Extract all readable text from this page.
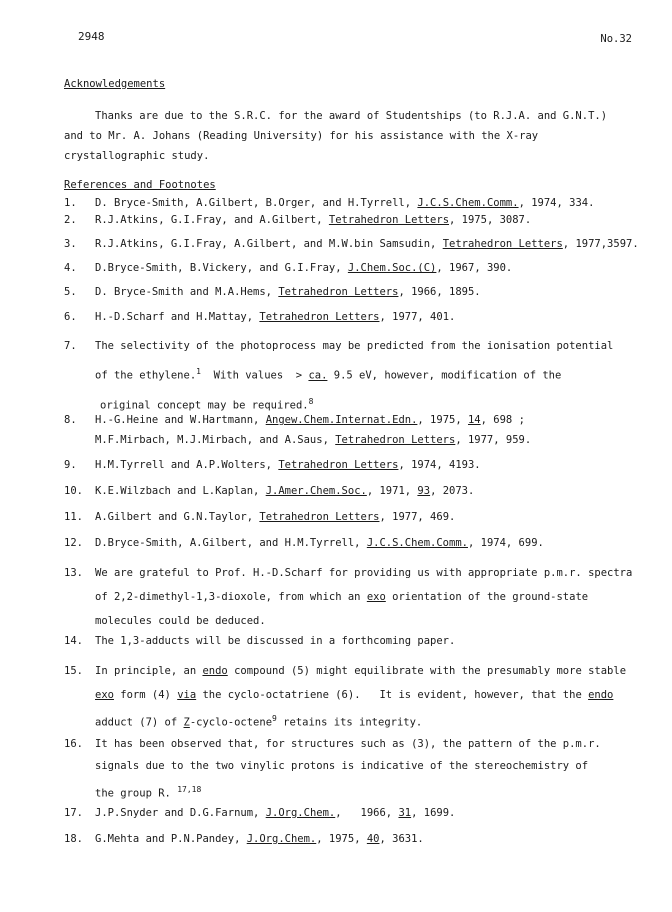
2948	No.32
Acknowledgements
Thanks are due to the S.R.C. for the award of Studentships (to R.J.A. and G.N.T.)
and to Mr. A. Johans (Reading University) for his assistance with the X-ray
crystallographic study.
References and Footnotes
1. D. Bryce-Smith, A.Gilbert, B.Orger, and H.Tyrrell, J.C.S.Chem.Comm., 1974, 334.
2. R.J.Atkins, G.I.Fray, and A.Gilbert, Tetrahedron Letters, 1975, 3087.
3. R.J.Atkins, G.I.Fray, A.Gilbert, and M.W.bin Samsudin, Tetrahedron Letters, 1977,3597.
4. D.Bryce-Smith, B.Vickery, and G.I.Fray, J.Chem.Soc.(C), 1967, 390.
5. D. Bryce-Smith and M.A.Hems, Tetrahedron Letters, 1966, 1895.
6. H.-D.Scharf and H.Mattay, Tetrahedron Letters, 1977, 401.
7. The selectivity of the photoprocess may be predicted from the ionisation potential
of the ethylene.$^1$  With values  > ca. 9.5 eV, however, modification of the
original concept may be required.$^8$
8. H.-G.Heine and W.Hartmann, Angew.Chem.Internat.Edn., 1975, 14, 698 ;
M.F.Mirbach, M.J.Mirbach, and A.Saus, Tetrahedron Letters, 1977, 959.
9. H.M.Tyrrell and A.P.Wolters, Tetrahedron Letters, 1974, 4193.
10. K.E.Wilzbach and L.Kaplan, J.Amer.Chem.Soc., 1971, 93, 2073.
11. A.Gilbert and G.N.Taylor, Tetrahedron Letters, 1977, 469.
12. D.Bryce-Smith, A.Gilbert, and H.M.Tyrrell, J.C.S.Chem.Comm., 1974, 699.
13. We are grateful to Prof. H.-D.Scharf for providing us with appropriate p.m.r. spectra
of 2,2-dimethyl-1,3-dioxole, from which an exo orientation of the ground-state
molecules could be deduced.
14. The 1,3-adducts will be discussed in a forthcoming paper.
15. In principle, an endo compound (5) might equilibrate with the presumably more stable
exo form (4) via the cyclo-octatriene (6).   It is evident, however, that the endo
adduct (7) of Z-cyclo-octene$^9$ retains its integrity.
16. It has been observed that, for structures such as (3), the pattern of the p.m.r.
signals due to the two vinylic protons is indicative of the stereochemistry of
the group R. $^{17,18}$
17. J.P.Snyder and D.G.Farnum, J.Org.Chem.,   1966, 31, 1699.
18. G.Mehta and P.N.Pandey, J.Org.Chem., 1975, 40, 3631.
